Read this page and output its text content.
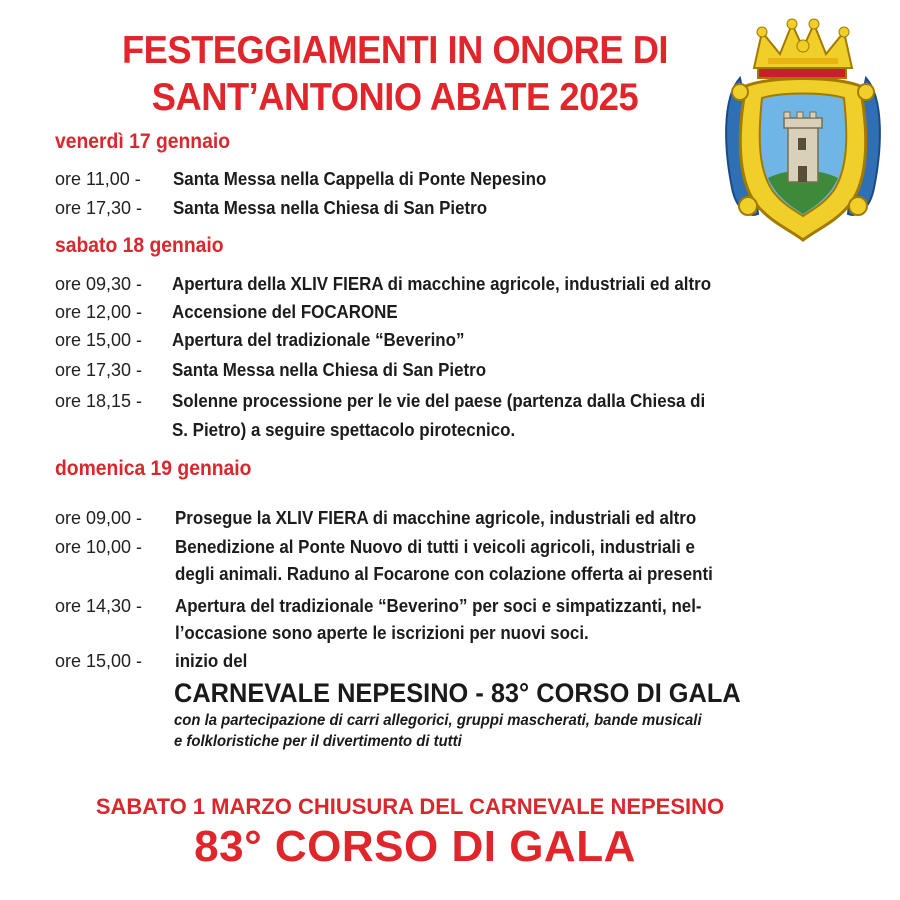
FESTEGGIAMENTI IN ONORE DI
SANT’ANTONIO ABATE 2025
venerdì 17 gennaio
ore 11,00 - Santa Messa nella Cappella di Ponte Nepesino
ore 17,30 - Santa Messa nella Chiesa di San Pietro
sabato 18 gennaio
ore 09,30 - Apertura della XLIV FIERA di macchine agricole, industriali ed altro
ore 12,00 - Accensione del FOCARONE
ore 15,00 - Apertura del tradizionale “Beverino”
ore 17,30 - Santa Messa nella Chiesa di San Pietro
ore 18,15 - Solenne processione per le vie del paese (partenza dalla Chiesa di
S. Pietro) a seguire spettacolo pirotecnico.
domenica 19 gennaio
ore 09,00 - Prosegue la XLIV FIERA di macchine agricole, industriali ed altro
ore 10,00 - Benedizione al Ponte Nuovo di tutti i veicoli agricoli, industriali e
degli animali. Raduno al Focarone con colazione offerta ai presenti
ore 14,30 - Apertura del tradizionale “Beverino” per soci e simpatizzanti, nel-
l’occasione sono aperte le iscrizioni per nuovi soci.
ore 15,00 - inizio del
CARNEVALE NEPESINO - 83° CORSO DI GALA
con la partecipazione di carri allegorici, gruppi mascherati, bande musicali
e folkloristiche per il divertimento di tutti
SABATO 1 MARZO CHIUSURA DEL CARNEVALE NEPESINO
83° CORSO DI GALA
